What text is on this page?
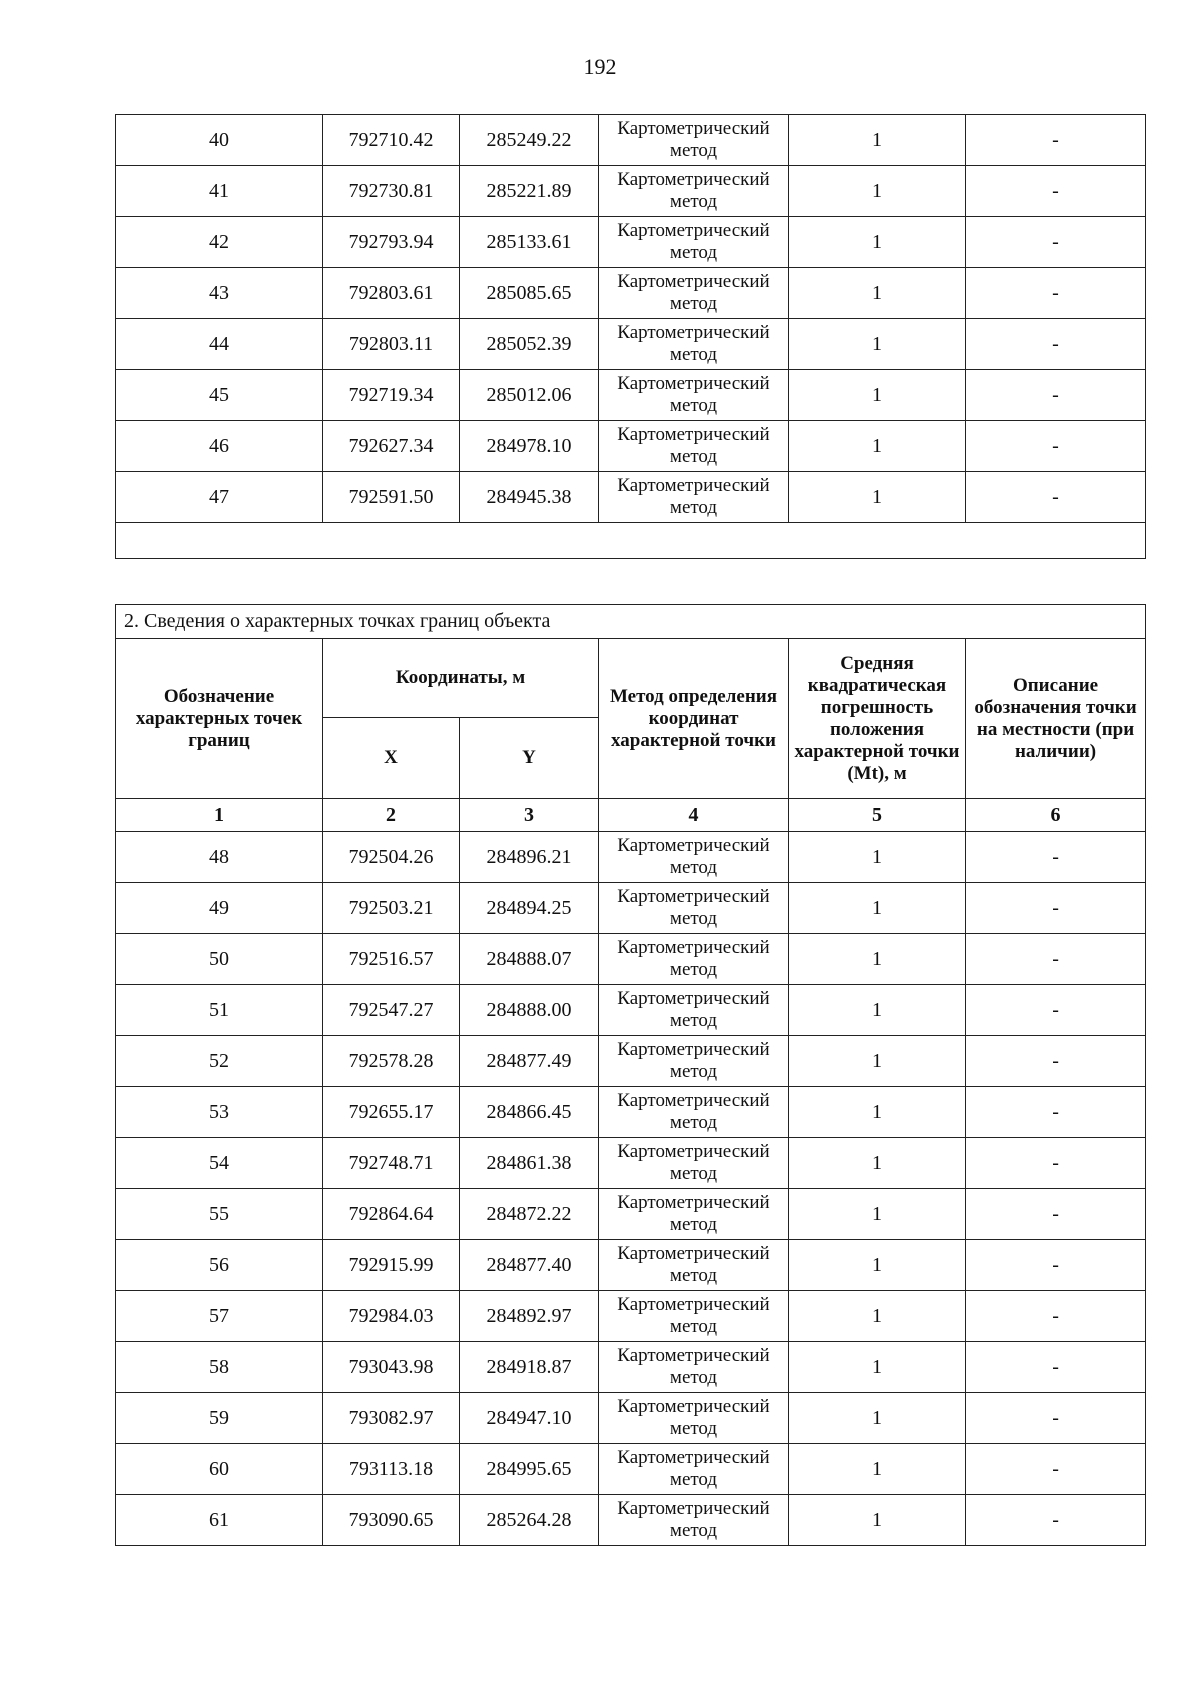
192
40	792710.42	285249.22	Картометрический метод	1	-
41	792730.81	285221.89	Картометрический метод	1	-
42	792793.94	285133.61	Картометрический метод	1	-
43	792803.61	285085.65	Картометрический метод	1	-
44	792803.11	285052.39	Картометрический метод	1	-
45	792719.34	285012.06	Картометрический метод	1	-
46	792627.34	284978.10	Картометрический метод	1	-
47	792591.50	284945.38	Картометрический метод	1	-

2. Сведения о характерных точках границ объекта					
Обозначение характерных точек границ	Координаты, м		Метод определения координат характерной точки	Средняя квадратическая погрешность положения характерной точки (Mt), м	Описание обозначения точки на местности (при наличии)
	X	Y			
1	2	3	4	5	6
48	792504.26	284896.21	Картометрический метод	1	-
49	792503.21	284894.25	Картометрический метод	1	-
50	792516.57	284888.07	Картометрический метод	1	-
51	792547.27	284888.00	Картометрический метод	1	-
52	792578.28	284877.49	Картометрический метод	1	-
53	792655.17	284866.45	Картометрический метод	1	-
54	792748.71	284861.38	Картометрический метод	1	-
55	792864.64	284872.22	Картометрический метод	1	-
56	792915.99	284877.40	Картометрический метод	1	-
57	792984.03	284892.97	Картометрический метод	1	-
58	793043.98	284918.87	Картометрический метод	1	-
59	793082.97	284947.10	Картометрический метод	1	-
60	793113.18	284995.65	Картометрический метод	1	-
61	793090.65	285264.28	Картометрический метод	1	-
